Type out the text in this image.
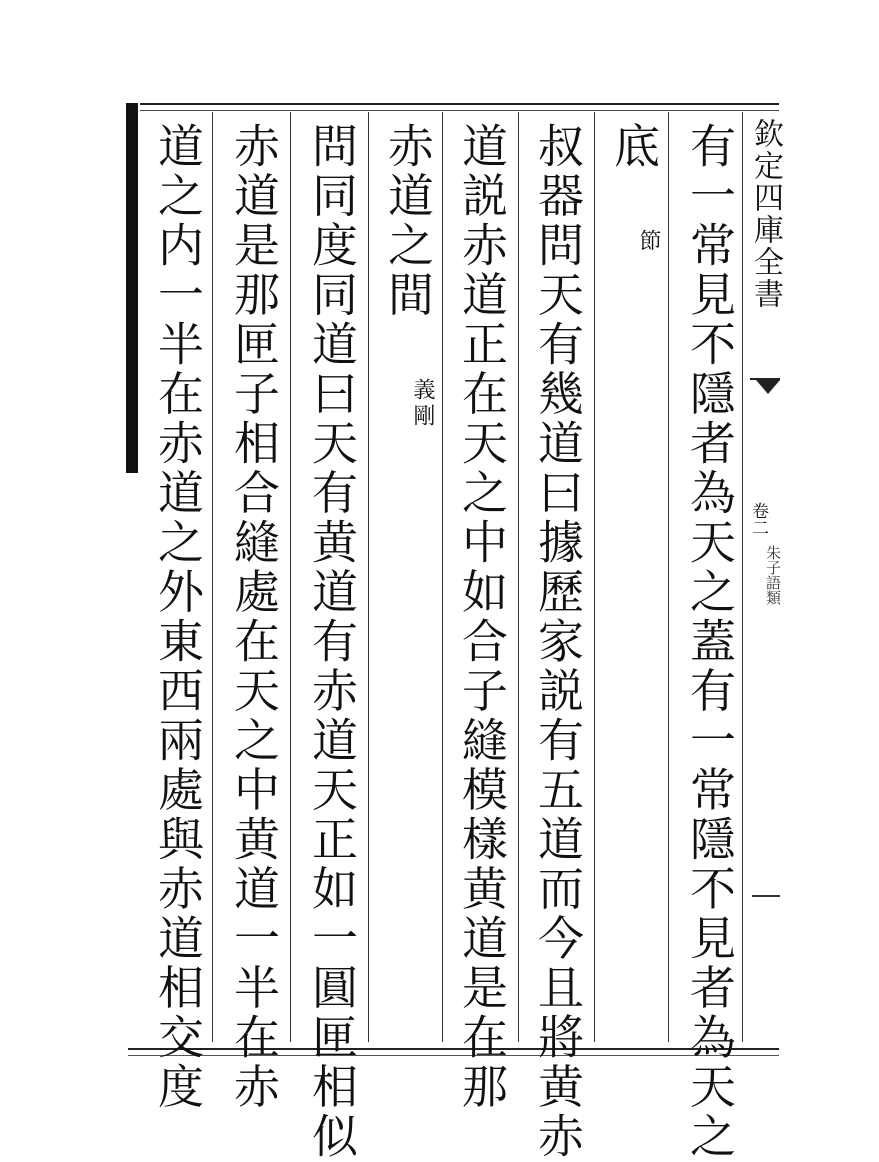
欽定四庫全書
卷二
朱子語類
有一常見不隱者為天之蓋有一常隱不見者為天之
底 節
叔器問天有幾道曰據歷家説有五道而今且將黄赤
道説赤道正在天之中如合子縫模樣黄道是在那
赤道之間 義剛
問同度同道曰天有黄道有赤道天正如一圓匣相似
赤道是那匣子相合縫處在天之中黄道一半在赤
道之内一半在赤道之外東西兩處與赤道相交度
